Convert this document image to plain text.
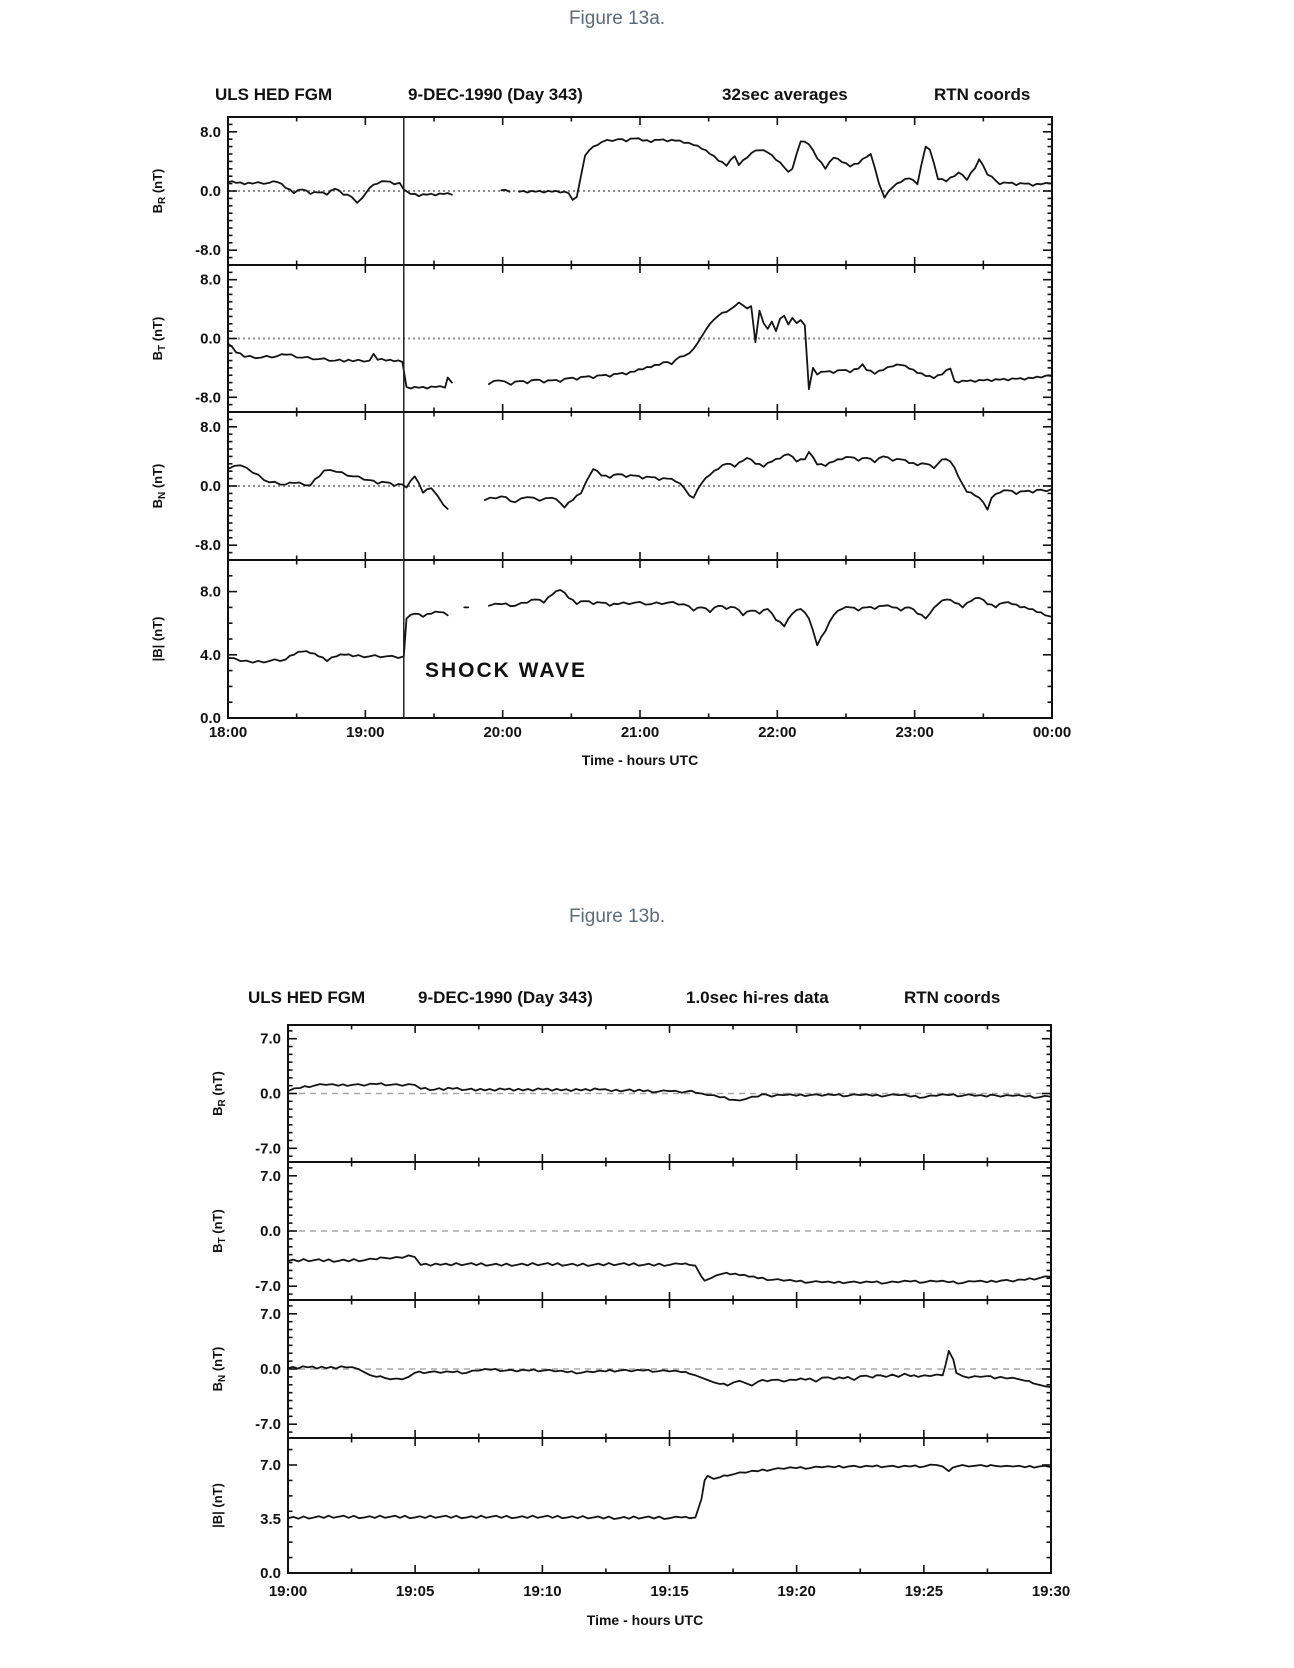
Figure 13a.
ULS HED FGM	9-DEC-1990 (Day 343)	32sec averages	RTN coords
8.0
0.0
-8.0
$B_R$ (nT)
8.0
0.0
-8.0
$B_T$ (nT)
8.0
0.0
-8.0
$B_N$ (nT)
8.0
4.0
0.0
|B| (nT)
18:00	19:00	20:00	21:00	22:00	23:00	00:00
Time - hours UTC
SHOCK WAVE
Figure 13b.
ULS HED FGM	9-DEC-1990 (Day 343)	1.0sec hi-res data	RTN coords
7.0
0.0
-7.0
$B_R$ (nT)
7.0
0.0
-7.0
$B_T$ (nT)
7.0
0.0
-7.0
$B_N$ (nT)
7.0
3.5
0.0
|B| (nT)
19:00	19:05	19:10	19:15	19:20	19:25	19:30
Time - hours UTC
